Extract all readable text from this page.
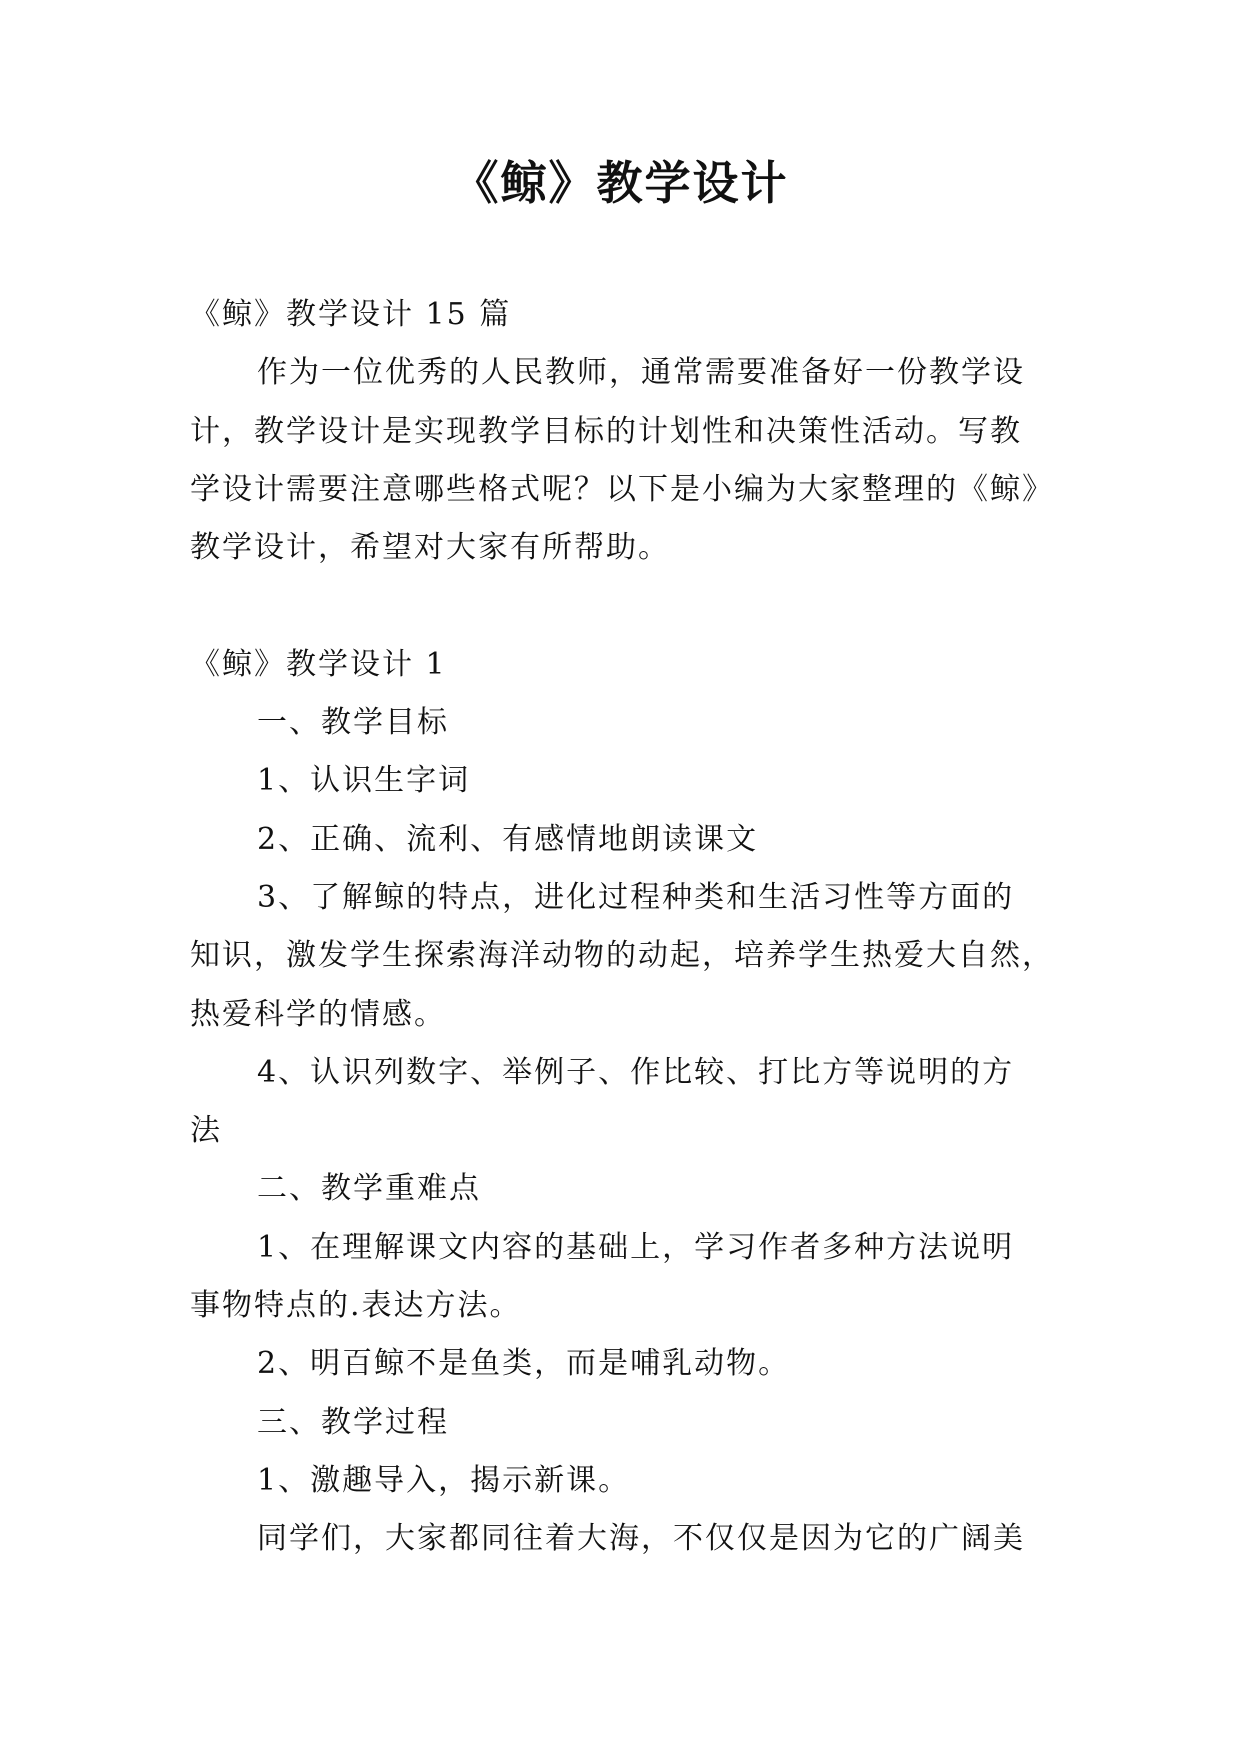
《鲸》教学设计

《鲸》教学设计 15 篇

作为一位优秀的人民教师，通常需要准备好一份教学设

计，教学设计是实现教学目标的计划性和决策性活动。写教

学设计需要注意哪些格式呢？以下是小编为大家整理的《鲸》

教学设计，希望对大家有所帮助。

《鲸》教学设计 1

一、教学目标

1、认识生字词

2、正确、流利、有感情地朗读课文

3、了解鲸的特点，进化过程种类和生活习性等方面的

知识，激发学生探索海洋动物的动起，培养学生热爱大自然，

热爱科学的情感。

4、认识列数字、举例子、作比较、打比方等说明的方

法

二、教学重难点

1、在理解课文内容的基础上，学习作者多种方法说明

事物特点的.表达方法。

2、明百鲸不是鱼类，而是哺乳动物。

三、教学过程

1、激趣导入，揭示新课。

同学们，大家都同往着大海，不仅仅是因为它的广阔美
